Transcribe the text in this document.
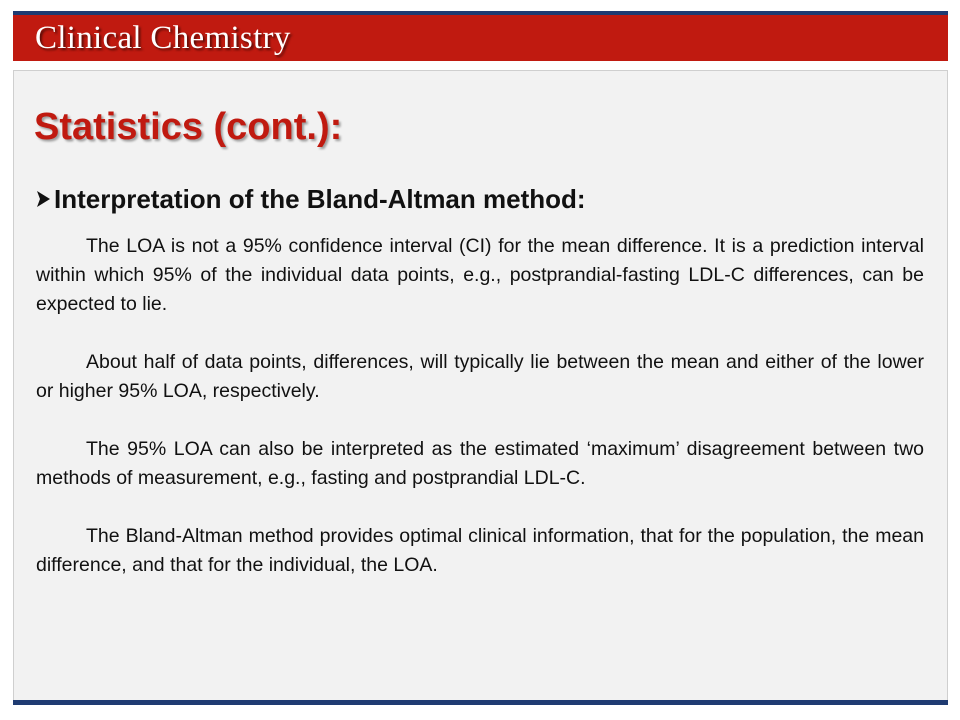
Clinical Chemistry
Statistics (cont.):
Interpretation of the Bland-Altman method:

The LOA is not a 95% confidence interval (CI) for the mean difference. It is a prediction interval within which 95% of the individual data points, e.g., postprandial-fasting LDL-C differences, can be expected to lie.

About half of data points, differences, will typically lie between the mean and either of the lower or higher 95% LOA, respectively.

The 95% LOA can also be interpreted as the estimated ‘maximum’ disagreement between two methods of measurement, e.g., fasting and postprandial LDL-C.

The Bland-Altman method provides optimal clinical information, that for the population, the mean difference, and that for the individual, the LOA.
